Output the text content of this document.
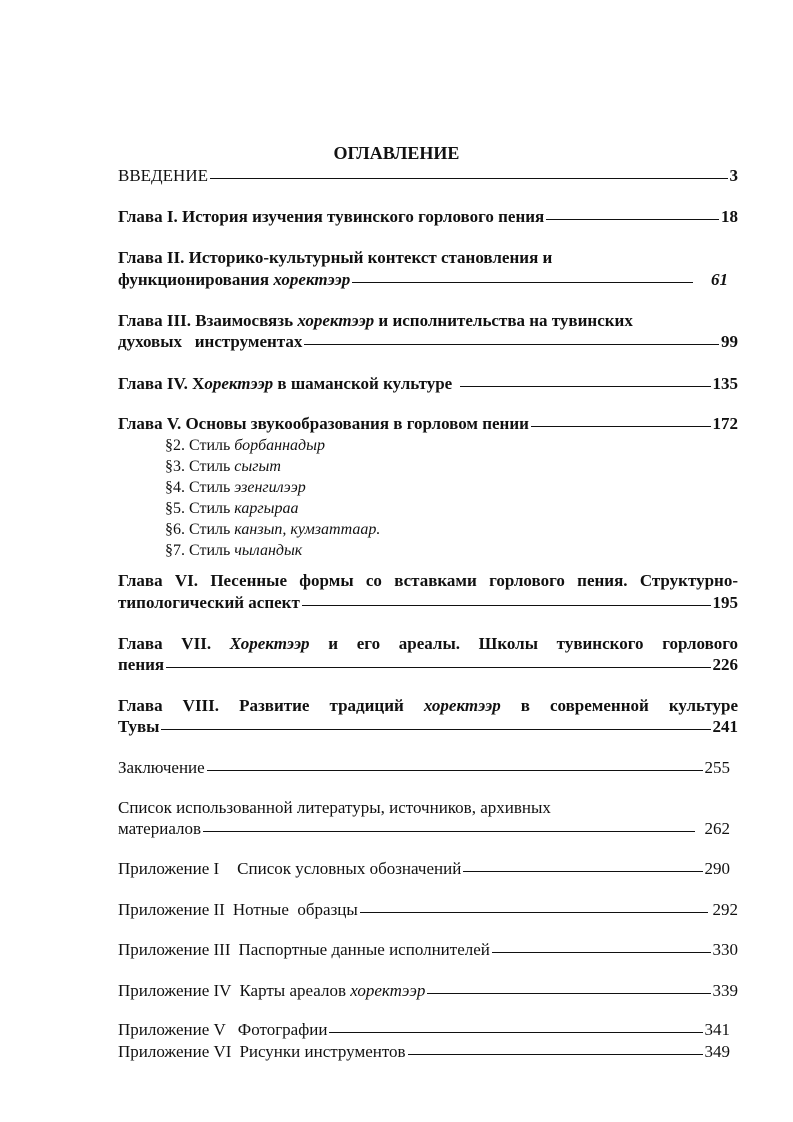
ОГЛАВЛЕНИЕ
ВВЕДЕНИЕ	3
Глава I. История изучения тувинского горлового пения	18
Глава II. Историко-культурный контекст становления и
функционирования хоректээр	61
Глава III. Взаимосвязь хоректээр и исполнительства на тувинских
духовых   инструментах	99
Глава IV. Хоректээр в шаманской культуре	135
Глава V. Основы звукообразования в горловом пении	172
§2. Стиль борбаннадыр
§3. Стиль сыгыт
§4. Стиль эзенгилээр
§5. Стиль каргыраа
§6. Стиль канзып, кумзаттаар.
§7. Стиль чыландык
Глава VI. Песенные формы со вставками горлового пения. Структурно-
типологический аспект	195
Глава VII. Хоректээр и его ареалы. Школы тувинского горлового
пения	226
Глава VIII. Развитие традиций хоректээр в современной культуре
Тувы	241
Заключение	255
Список использованной литературы, источников, архивных
материалов	262
Приложение I Список условных обозначений	290
Приложение II Нотные  образцы	292
Приложение III Паспортные данные исполнителей	330
Приложение IV Карты ареалов хоректээр	339
Приложение V Фотографии	341
Приложение VI Рисунки инструментов	349
